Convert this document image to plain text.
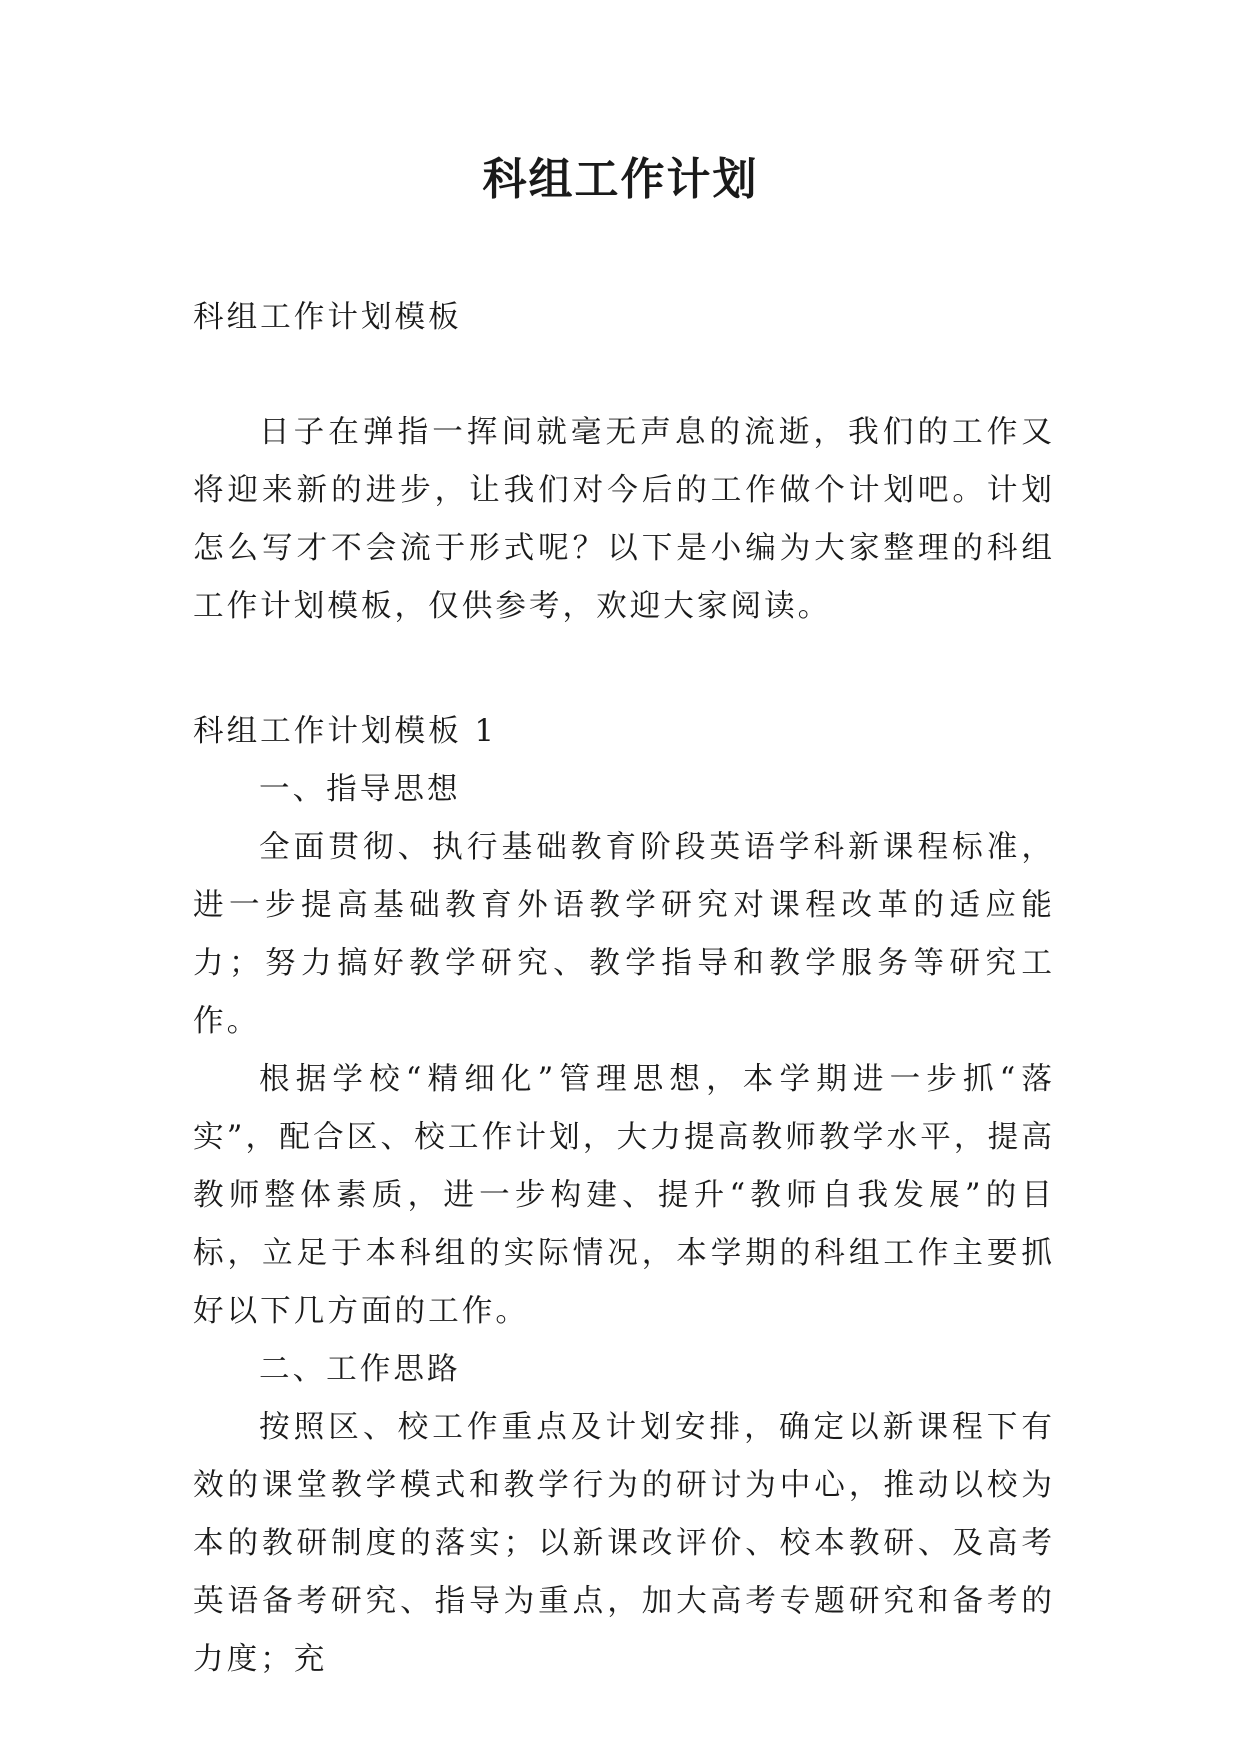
科组工作计划
科组工作计划模板
日子在弹指一挥间就毫无声息的流逝，我们的工作又将迎来新的进步，让我们对今后的工作做个计划吧。计划怎么写才不会流于形式呢？以下是小编为大家整理的科组工作计划模板，仅供参考，欢迎大家阅读。
科组工作计划模板 1

一、指导思想

全面贯彻、执行基础教育阶段英语学科新课程标准，进一步提高基础教育外语教学研究对课程改革的适应能力；努力搞好教学研究、教学指导和教学服务等研究工作。

根据学校“精细化”管理思想，本学期进一步抓“落实”，配合区、校工作计划，大力提高教师教学水平，提高教师整体素质，进一步构建、提升“教师自我发展”的目标，立足于本科组的实际情况，本学期的科组工作主要抓好以下几方面的工作。

二、工作思路

按照区、校工作重点及计划安排，确定以新课程下有效的课堂教学模式和教学行为的研讨为中心，推动以校为本的教研制度的落实；以新课改评价、校本教研、及高考英语备考研究、指导为重点，加大高考专题研究和备考的力度；充
